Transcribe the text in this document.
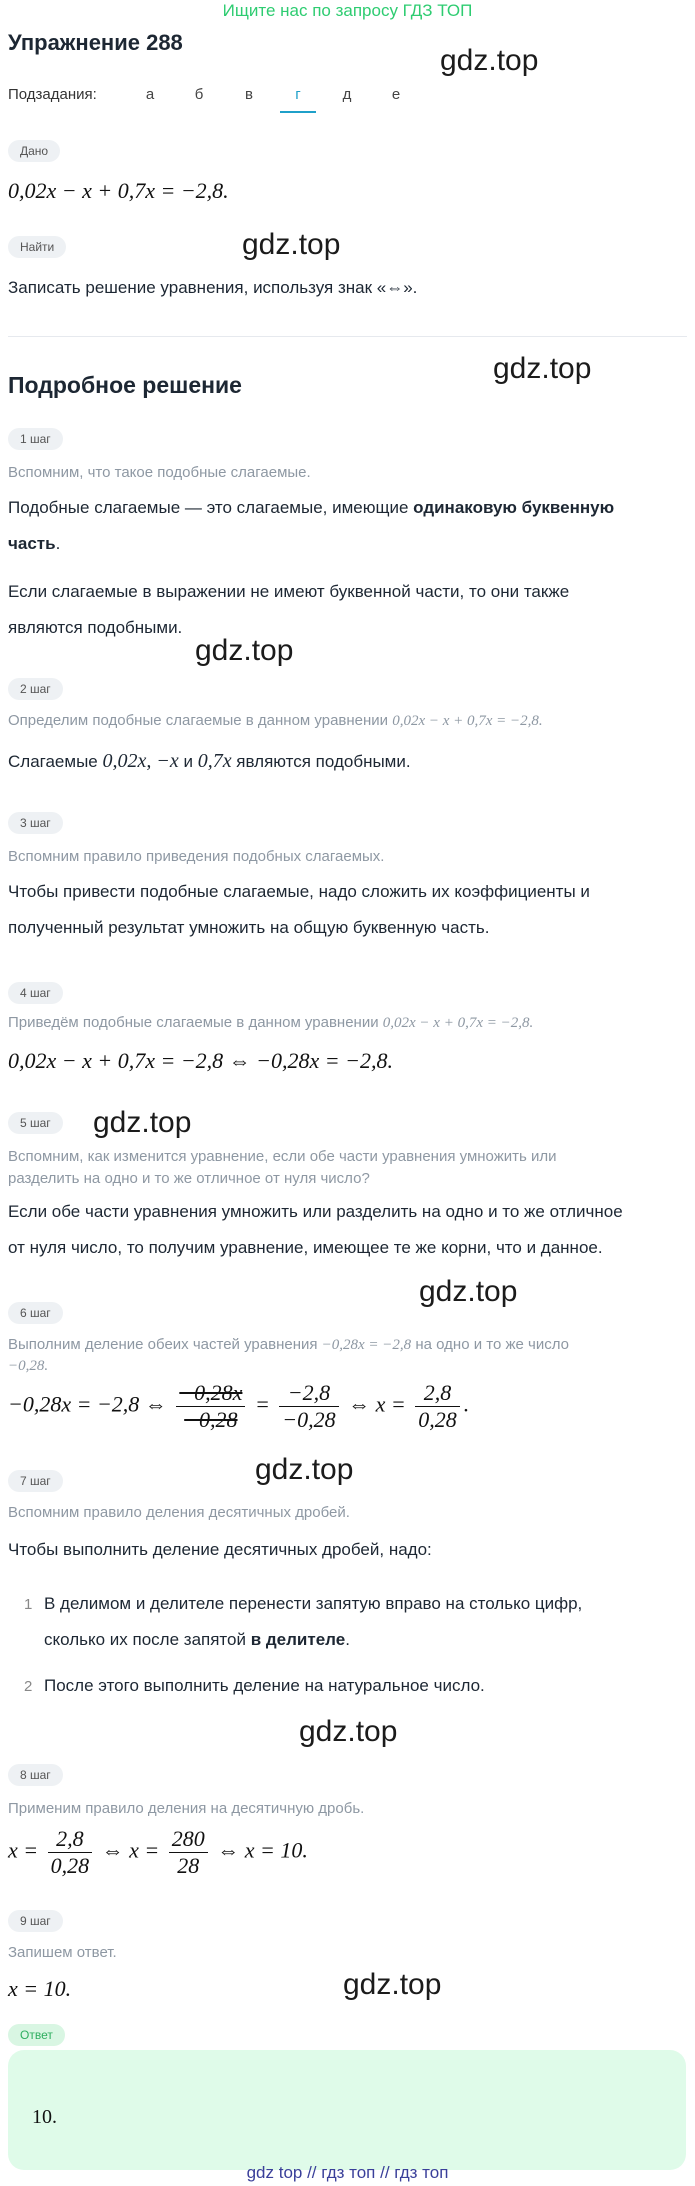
Ищите нас по запросу ГДЗ ТОП
Упражнение 288
Подзадания:	а	б	в	г	д	е
gdz.top
gdz.top
gdz.top
gdz.top
gdz.top
gdz.top
gdz.top
gdz.top
gdz.top
Дано
0,02x − x + 0,7x = −2,8.
Найти
Записать решение уравнения, используя знак «⇔».
Подробное решение
1 шаг
Вспомним, что такое подобные слагаемые.
Подобные слагаемые — это слагаемые, имеющие одинаковую буквенную
часть.
Если слагаемые в выражении не имеют буквенной части, то они также
являются подобными.
2 шаг
Определим подобные слагаемые в данном уравнении 0,02x − x + 0,7x = −2,8.
Слагаемые 0,02x, −x и 0,7x являются подобными.
3 шаг
Вспомним правило приведения подобных слагаемых.
Чтобы привести подобные слагаемые, надо сложить их коэффициенты и
полученный результат умножить на общую буквенную часть.
4 шаг
Приведём подобные слагаемые в данном уравнении 0,02x − x + 0,7x = −2,8.
0,02x − x + 0,7x = −2,8 ⇔ −0,28x = −2,8.
5 шаг
Вспомним, как изменится уравнение, если обе части уравнения умножить или
разделить на одно и то же отличное от нуля число?
Если обе части уравнения умножить или разделить на одно и то же отличное
от нуля число, то получим уравнение, имеющее те же корни, что и данное.
6 шаг
Выполним деление обеих частей уравнения −0,28x = −2,8 на одно и то же число
−0,28.
−0,28x = −2,8 ⇔ $\frac{-0,28x}{-0,28} = \frac{-2,8}{-0,28}$ ⇔ $x = \frac{2,8}{0,28}$ .
7 шаг
Вспомним правило деления десятичных дробей.
Чтобы выполнить деление десятичных дробей, надо:
1 В делимом и делителе перенести запятую вправо на столько цифр,
сколько их после запятой в делителе.
2 После этого выполнить деление на натуральное число.
8 шаг
Применим правило деления на десятичную дробь.
$x = \frac{2,8}{0,28}$ ⇔ $x = \frac{280}{28}$ ⇔ x = 10.
9 шаг
Запишем ответ.
x = 10.
Ответ
10.
gdz top // гдз топ // гдз топ
